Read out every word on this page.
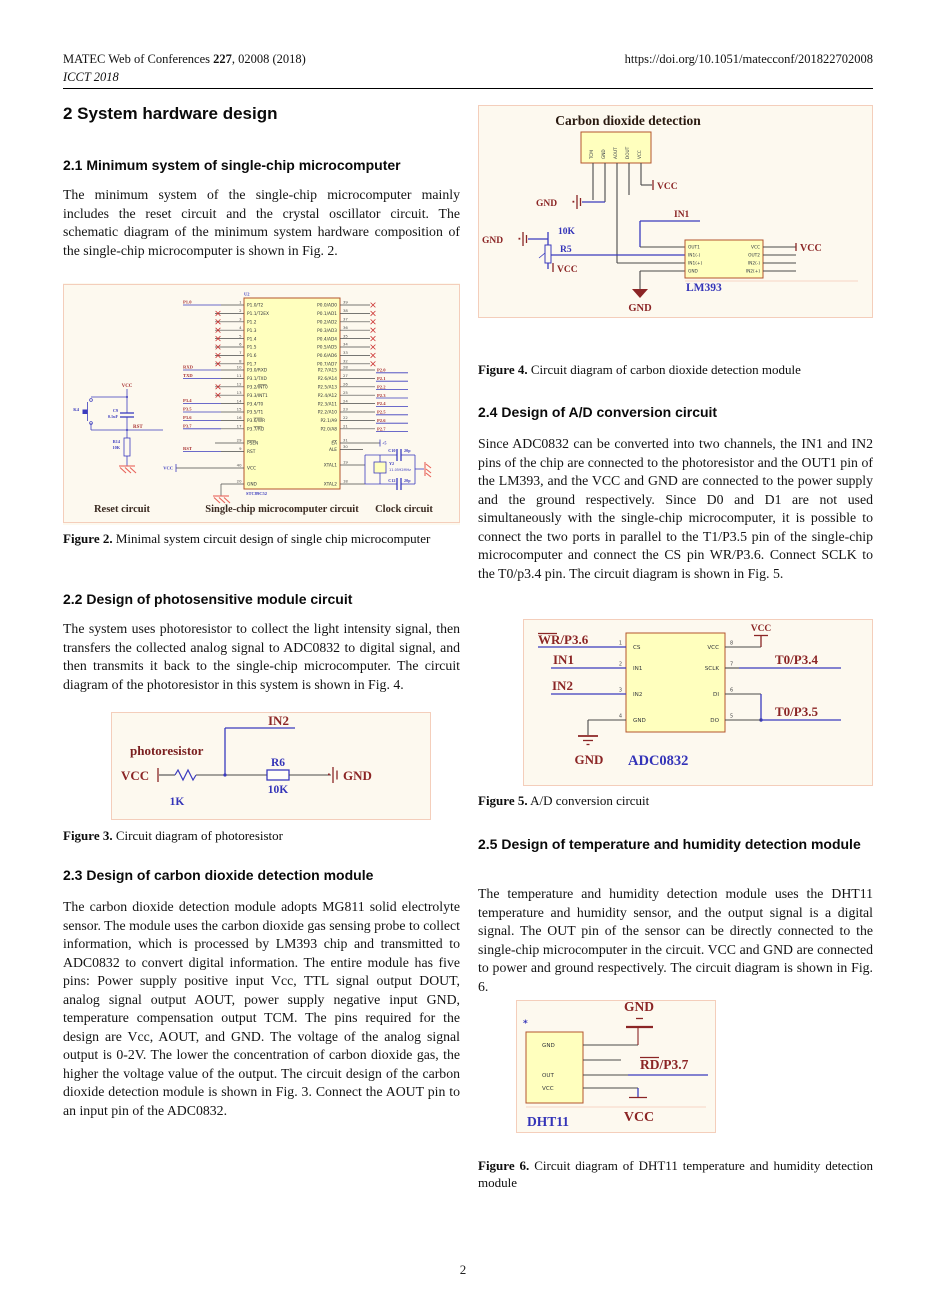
MATEC Web of Conferences 227, 02008 (2018)	https://doi.org/10.1051/matecconf/201822702008
ICCT 2018
2 System hardware design
2.1 Minimum system of single-chip microcomputer

The minimum system of the single-chip microcomputer mainly includes the reset circuit and the crystal oscillator circuit. The schematic diagram of the minimum system hardware composition of the single-chip microcomputer is shown in Fig. 2.

U2
STC89C52
P1.0	1
P1.0/T2
2
P1.1/T2EX
3
P1.2
4
P1.3
5
P1.4
6
P1.5
7
P1.6
8
P1.7
RXD	10
P3.0/RXD
TXD	11
P3.1/TXD
12
P3.2/INT0
13
P3.3/INT1
P3.4	14
P3.4/T0
P3.5	15
P3.5/T1
P3.6	16
P3.6/WR
P3.7	17
P3.7/RD
29
PSEN
RST	9
RST
VCC
40
VCC
20
GND
39
P0.0/AD0
38
P0.1/AD1
37
P0.2/AD2
36
P0.3/AD3
35
P0.4/AD4
34
P0.5/AD5
33
P0.6/AD6
32
P0.7/AD7
P2.0
28
P2.7/A15
P2.1
27
P2.6/A14
P2.2
26
P2.5/A13
P2.3
25
P2.4/A12
P2.4
24
P2.3/A11
P2.5
23
P2.2/A10
P2.6
22
P2.1/A9
P2.7
21
P2.0/A8
+5
31
EA 30
ALE
19
XTAL1
18
XTAL2
VCC
K4	C9
0.1uF
RST
R14
10K
C10 20p
Y2
11.0592MHz
C12 20p
Reset circuit	Single-chip microcomputer circuit Clock circuit

Figure 2. Minimal system circuit design of single chip microcomputer

2.2 Design of photosensitive module circuit

The system uses photoresistor to collect the light intensity signal, then transfers the collected analog signal to ADC0832 to digital signal, and then transmits it back to the single-chip microcomputer. The circuit diagram of the photoresistor in this system is shown in Fig. 4.

IN2
photoresistor
VCC	GND
R6
10K
1K

Figure 3. Circuit diagram of photoresistor

2.3 Design of carbon dioxide detection module

The carbon dioxide detection module adopts MG811 solid electrolyte sensor. The module uses the carbon dioxide gas sensing probe to collect information, which is processed by LM393 chip and transmitted to ADC0832 to convert digital information. The entire module has five pins: Power supply positive input Vcc, TTL signal output DOUT, analog signal output AOUT, power supply negative input GND, temperature compensation output TCM. The pins required for the design are Vcc, AOUT, and GND. The voltage of the analog signal output is 0-2V. The lower the concentration of carbon dioxide gas, the higher the voltage value of the output. The circuit design of the carbon dioxide detection module is shown in Fig. 3. Connect the AOUT pin to an input pin of the ADC0832.

Carbon dioxide detection
TCM GND AOUT DOUT VCC
VCC
GND
IN1
GND
10K
R5
VCC
GND
OUT1
IN1(-)
IN1(+)
GND
VCC
OUT2
IN2(-)
IN2(+)
VCC
LM393

Figure 4. Circuit diagram of carbon dioxide detection module

2.4 Design of A/D conversion circuit

Since ADC0832 can be converted into two channels, the IN1 and IN2 pins of the chip are connected to the photoresistor and the OUT1 pin of the LM393, and the VCC and GND are connected to the power supply and the ground respectively. Since D0 and D1 are not used simultaneously with the single-chip microcomputer, it is possible to connect the two ports in parallel to the T1/P3.5 pin of the single-chip microcomputer and connect the CS pin WR/P3.6. Connect SCLK to the T0/p3.4 pin. The circuit diagram is shown in Fig. 5.

CS
1
VCC
8
IN1
2
SCLK
7
IN2
3
DI
6
GND
4
DO
5
WR/P3.6
IN1
IN2
GND
VCC
T0/P3.4
T0/P3.5
ADC0832

Figure 5. A/D conversion circuit

2.5 Design of temperature and humidity detection module

The temperature and humidity detection module uses the DHT11 temperature and humidity sensor, and the output signal is a digital signal. The OUT pin of the sensor can be directly connected to the single-chip microcomputer in the circuit. VCC and GND are connected to power and ground respectively. The circuit diagram is shown in Fig. 6.

*
GND
OUT
VCC
GND
RD/P3.7
VCC
DHT11

Figure 6. Circuit diagram of DHT11 temperature and humidity detection module

2
